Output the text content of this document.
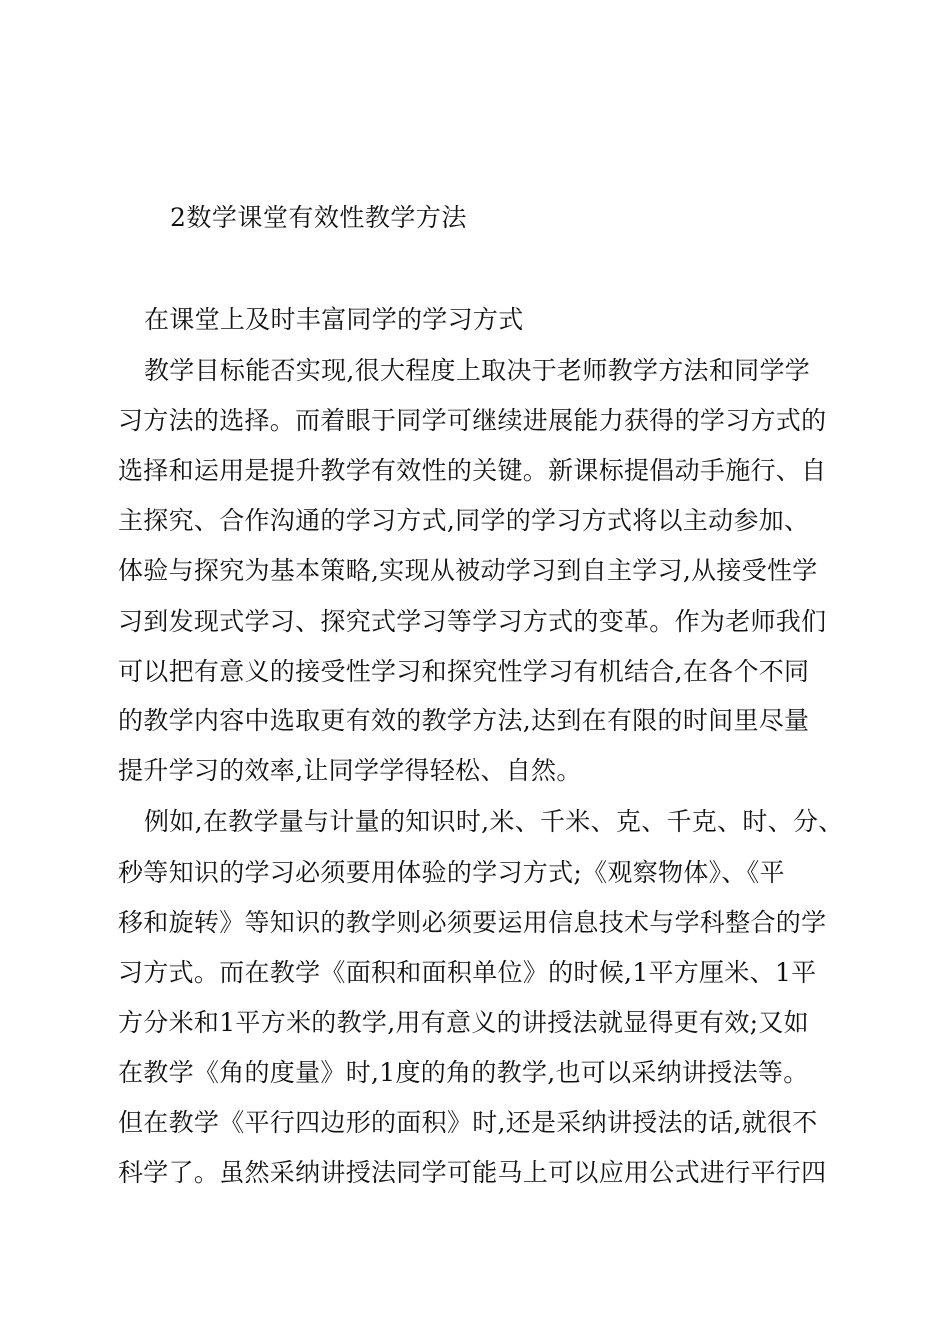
2数学课堂有效性教学方法
在课堂上及时丰富同学的学习方式
教学目标能否实现,很大程度上取决于老师教学方法和同学学
习方法的选择。而着眼于同学可继续进展能力获得的学习方式的
选择和运用是提升教学有效性的关键。新课标提倡动手施行、自
主探究、合作沟通的学习方式,同学的学习方式将以主动参加、
体验与探究为基本策略,实现从被动学习到自主学习,从接受性学
习到发现式学习、探究式学习等学习方式的变革。作为老师我们
可以把有意义的接受性学习和探究性学习有机结合,在各个不同
的教学内容中选取更有效的教学方法,达到在有限的时间里尽量
提升学习的效率,让同学学得轻松、自然。
例如,在教学量与计量的知识时,米、千米、克、千克、时、分、
秒等知识的学习必须要用体验的学习方式;《观察物体》、《平
移和旋转》等知识的教学则必须要运用信息技术与学科整合的学
习方式。而在教学《面积和面积单位》的时候,1平方厘米、1平
方分米和1平方米的教学,用有意义的讲授法就显得更有效;又如
在教学《角的度量》时,1度的角的教学,也可以采纳讲授法等。
但在教学《平行四边形的面积》时,还是采纳讲授法的话,就很不
科学了。虽然采纳讲授法同学可能马上可以应用公式进行平行四
